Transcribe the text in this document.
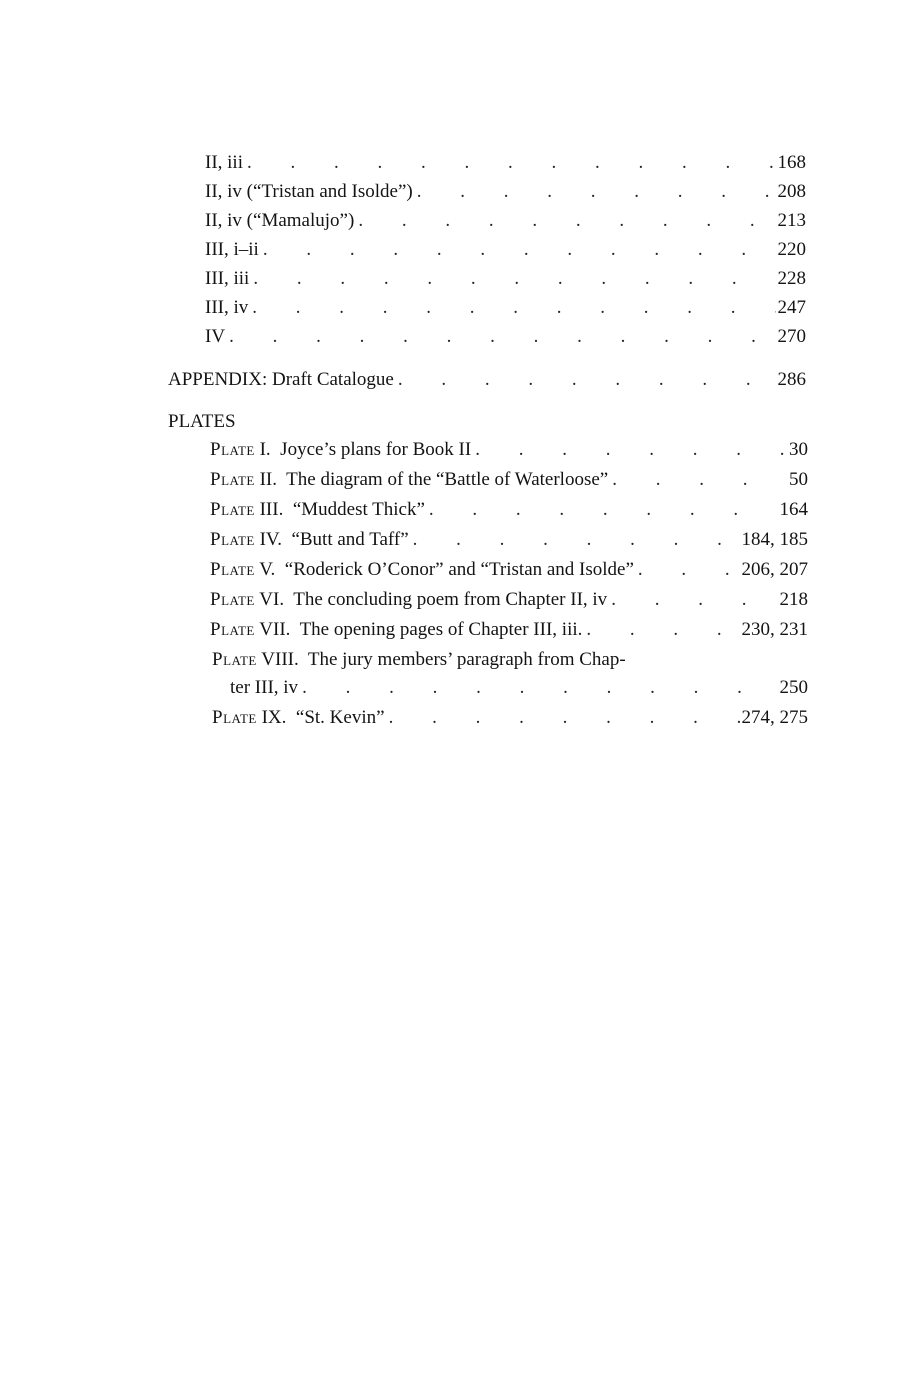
II, iii . . .	168
II, iv (“Tristan and Isolde”) . . .	208
II, iv (“Mamalujo”) . . .	213
III, i–ii . . .	220
III, iii . . .	228
III, iv . . .	247
IV . . .	270
APPENDIX: Draft Catalogue . . .	286
PLATES
Plate I. Joyce’s plans for Book II . . .	30
Plate II. The diagram of the “Battle of Waterloose” . . .	50
Plate III. “Muddest Thick” . . .	164
Plate IV. “Butt and Taff” . . .	184, 185
Plate V. “Roderick O’Conor” and “Tristan and Isolde” . . .	206, 207
Plate VI. The concluding poem from Chapter II, iv . . .	218
Plate VII. The opening pages of Chapter III, iii. . . .	230, 231
Plate VIII. The jury members’ paragraph from Chap-
ter III, iv . . .	250
Plate IX. “St. Kevin” . . .	274, 275
